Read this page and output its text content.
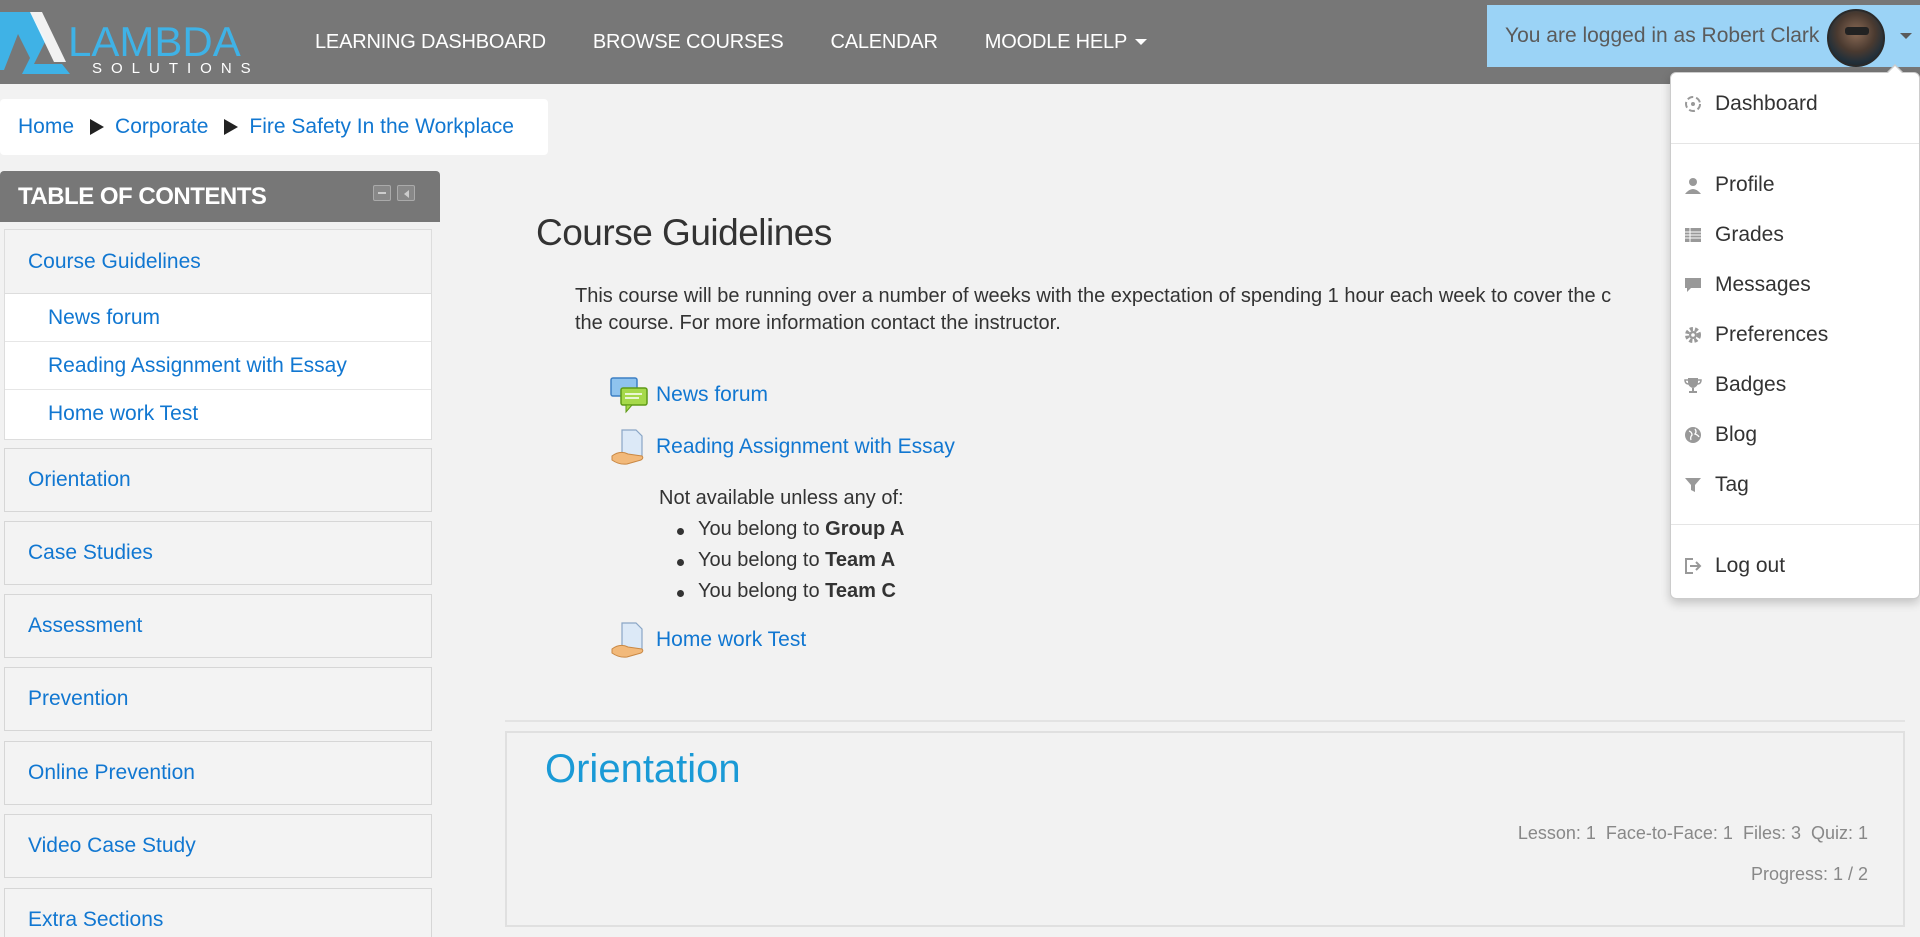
LAMBDA
SOLUTIONS
LEARNING DASHBOARD BROWSE COURSES CALENDAR MOODLE HELP	You are logged in as Robert Clark
Home Corporate Fire Safety In the Workplace
TABLE OF CONTENTS
Course Guidelines
News forum
Reading Assignment with Essay
Home work Test
Orientation
Case Studies
Assessment
Prevention
Online Prevention
Video Case Study
Extra Sections
Course Guidelines
This course will be running over a number of weeks with the expectation of spending 1 hour each week to cover the c
the course. For more information contact the instructor.
News forum
Reading Assignment with Essay
Not available unless any of:
You belong to Group A
You belong to Team A
You belong to Team C
Home work Test
Orientation
Lesson: 1  Face-to-Face: 1  Files: 3  Quiz: 1
Progress: 1 / 2
Dashboard
Profile
Grades
Messages
Preferences
Badges
Blog
Tag
Log out
